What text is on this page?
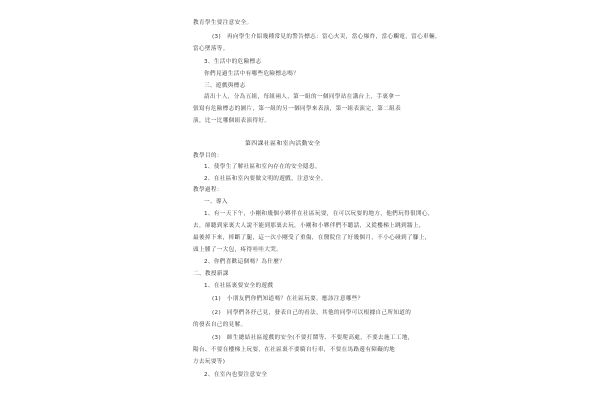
教育學生要注意安全。
(3)　再向學生介紹幾種常見的警告標志：當心火災，當心爆炸，當心觸電，當心車輛，
當心墜落等。
3、生活中的危險標志
你們見過生活中有哪些危險標志嗎？
三、遊戲與標志
請出十人，分為五組，每組兩人，第一組的一個同學站在講台上，手裏拿一
張寫有危險標志的圖片，第一組的另一個同學來表演，第一組表演完，第二組表
演，比一比哪個組表演得好。
第四課社區和室內活動安全
教學目的：
1、使學生了解社區和室內存在的安全隱患。
2、在社區和室內要做文明的遊戲，注意安全。
教學過程：
一、導入
1、有一天下午，小剛和幾個小夥伴在社區玩耍，在可以玩耍的地方，他們玩得很開心，
去，卻聽到家裏大人說不能到那裏去玩，小剛和小夥伴們不聽話，又從樓梯上跳到牆上，
最後掉下來，摔斷了腿，這一次小剛受了重傷，在醫院住了好幾個月，不小心碰到了腳上，
頭上腫了一大包，疼得哇哇大哭。
2、你們喜歡這個嗎？為什麼？
二、教授新課
1、在社區裏要安全的遊戲
(1)　小朋友們你們知道嗎？在社區玩耍，應該注意哪些？
(2)　同學們各抒己見，發表自己的看法，其他的同學可以根據自己所知道的
的發表自己的見解。
(3)　師生總結社區遊戲的安全(不要打鬧等、不要爬高處，不要去施工工地，
陽台、不要在樓梯上玩耍，在社區裏不要騎自行車，不要在馬路邊有障礙的地
方去玩耍等)
2、在室內也要注意安全
